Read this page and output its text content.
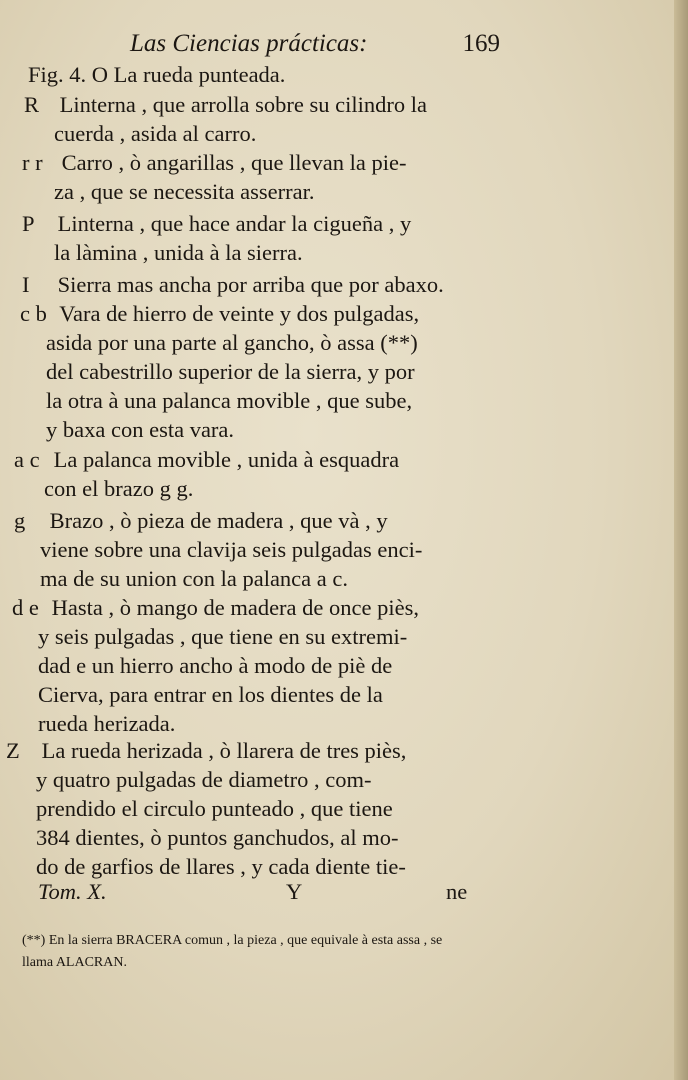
Las Ciencias prácticas:	169
Fig. 4. O La rueda punteada.
R Linterna , que arrolla sobre su cilindro la
cuerda , asida al carro.
r r Carro , ò angarillas , que llevan la pie-
za , que se necessita asserrar.
P Linterna , que hace andar la cigueña , y
la làmina , unida à la sierra.
I Sierra mas ancha por arriba que por abaxo.
c b Vara de hierro de veinte y dos pulgadas,
asida por una parte al gancho, ò assa (**)
del cabestrillo superior de la sierra, y por
la otra à una palanca movible , que sube,
y baxa con esta vara.
a c La palanca movible , unida à esquadra
con el brazo g g.
g Brazo , ò pieza de madera , que và , y
viene sobre una clavija seis pulgadas enci-
ma de su union con la palanca a c.
d e Hasta , ò mango de madera de once piès,
y seis pulgadas , que tiene en su extremi-
dad e un hierro ancho à modo de piè de
Cierva, para entrar en los dientes de la
rueda herizada.
Z La rueda herizada , ò llarera de tres piès,
y quatro pulgadas de diametro , com-
prendido el circulo punteado , que tiene
384 dientes, ò puntos ganchudos, al mo-
do de garfios de llares , y cada diente tie-
Tom. X.	Y	ne
(**) En la sierra BRACERA comun , la pieza , que equivale à esta assa , se
llama ALACRAN.
